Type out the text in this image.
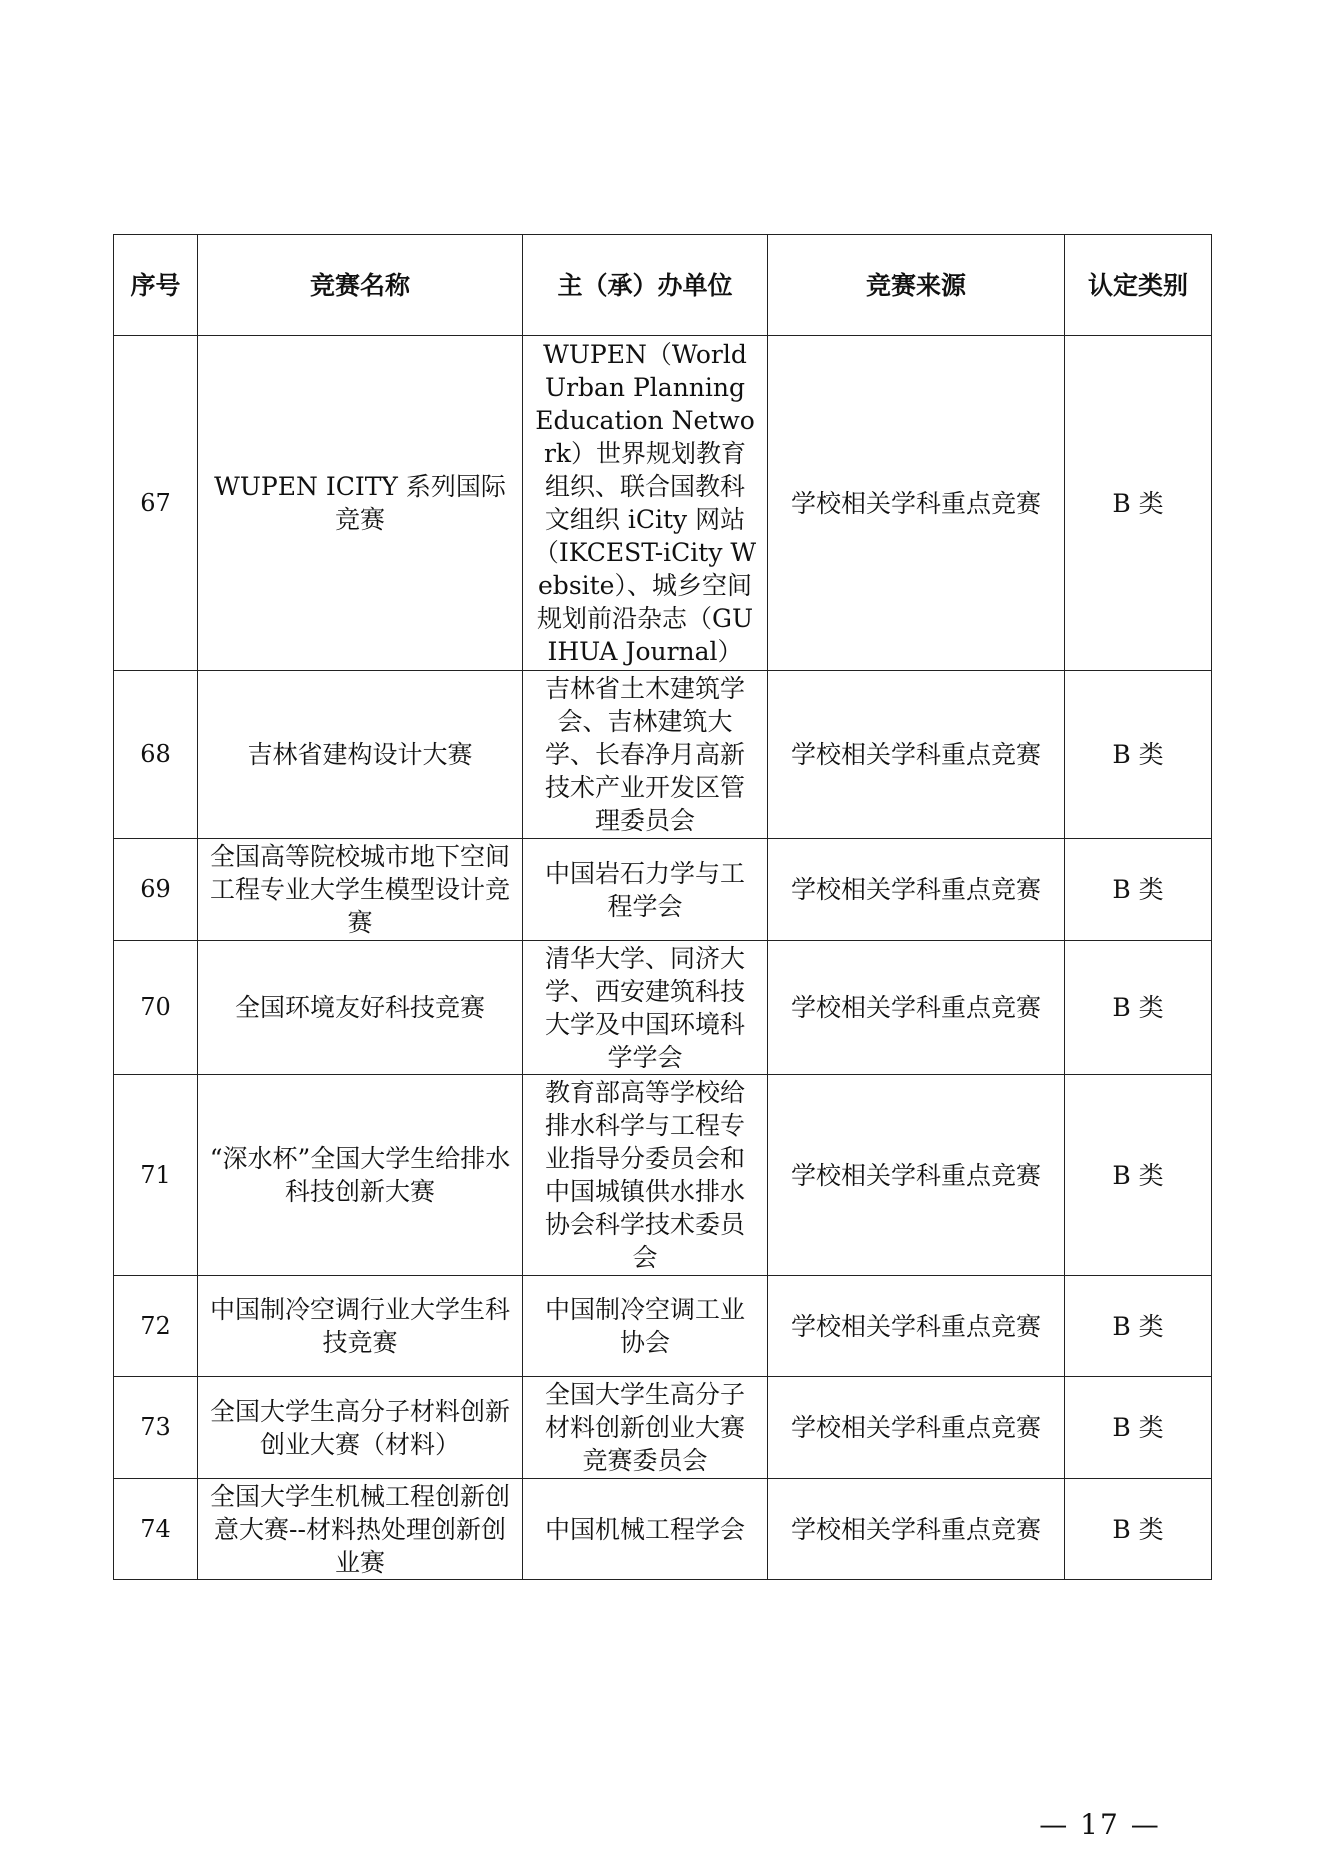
序号	竞赛名称	主（承）办单位	竞赛来源	认定类别
67	WUPEN ICITY 系列国际竞赛	WUPEN（World Urban Planning Education Network）世界规划教育组织、联合国教科文组织 iCity 网站（IKCEST-iCity Website）、城乡空间规划前沿杂志（GUIHUA Journal）	学校相关学科重点竞赛	B 类
68	吉林省建构设计大赛	吉林省土木建筑学会、吉林建筑大学、长春净月高新技术产业开发区管理委员会	学校相关学科重点竞赛	B 类
69	全国高等院校城市地下空间工程专业大学生模型设计竞赛	中国岩石力学与工程学会	学校相关学科重点竞赛	B 类
70	全国环境友好科技竞赛	清华大学、同济大学、西安建筑科技大学及中国环境科学学会	学校相关学科重点竞赛	B 类
71	“深水杯”全国大学生给排水科技创新大赛	教育部高等学校给排水科学与工程专业指导分委员会和中国城镇供水排水协会科学技术委员会	学校相关学科重点竞赛	B 类
72	中国制冷空调行业大学生科技竞赛	中国制冷空调工业协会	学校相关学科重点竞赛	B 类
73	全国大学生高分子材料创新创业大赛（材料）	全国大学生高分子材料创新创业大赛竞赛委员会	学校相关学科重点竞赛	B 类
74	全国大学生机械工程创新创意大赛--材料热处理创新创业赛	中国机械工程学会	学校相关学科重点竞赛	B 类
— 17 —
